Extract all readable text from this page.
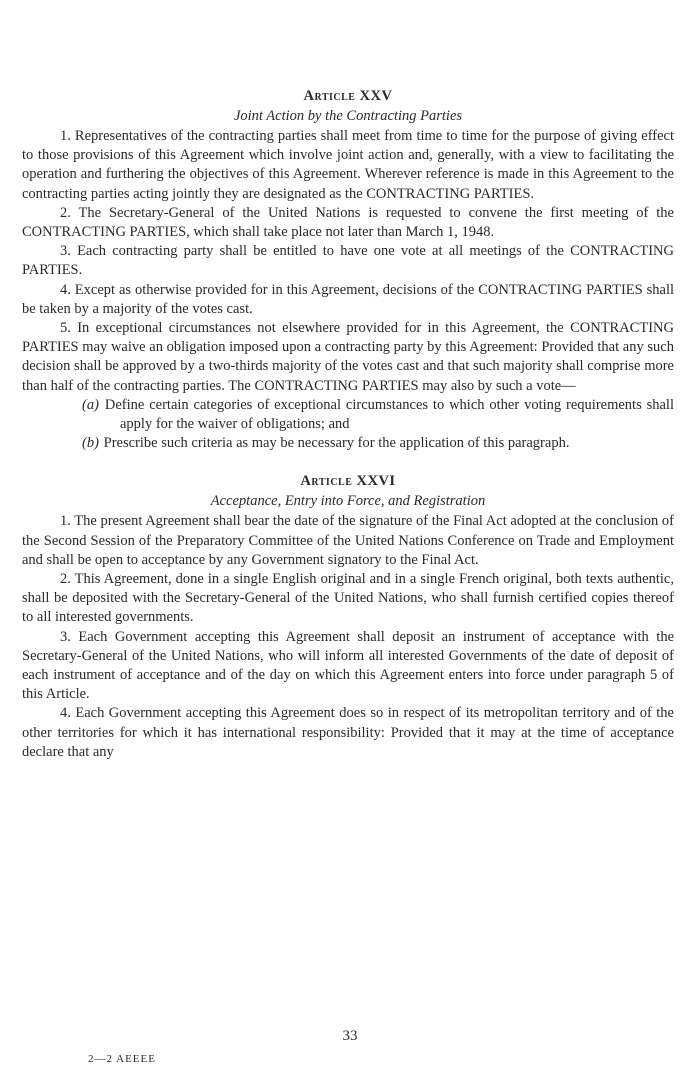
Article XXV
Joint Action by the Contracting Parties

1. Representatives of the contracting parties shall meet from time to time for the purpose of giving effect to those provisions of this Agreement which involve joint action and, generally, with a view to facilitating the operation and furthering the objectives of this Agreement. Wherever reference is made in this Agreement to the contracting parties acting jointly they are designated as the CONTRACTING PARTIES.

2. The Secretary-General of the United Nations is requested to convene the first meeting of the CONTRACTING PARTIES, which shall take place not later than March 1, 1948.

3. Each contracting party shall be entitled to have one vote at all meetings of the CONTRACTING PARTIES.

4. Except as otherwise provided for in this Agreement, decisions of the CONTRACTING PARTIES shall be taken by a majority of the votes cast.

5. In exceptional circumstances not elsewhere provided for in this Agreement, the CONTRACTING PARTIES may waive an obligation imposed upon a contracting party by this Agreement: Provided that any such decision shall be approved by a two-thirds majority of the votes cast and that such majority shall comprise more than half of the contracting parties. The CONTRACTING PARTIES may also by such a vote—

(a) Define certain categories of exceptional circumstances to which other voting requirements shall apply for the waiver of obligations; and

(b) Prescribe such criteria as may be necessary for the application of this paragraph.

Article XXVI
Acceptance, Entry into Force, and Registration

1. The present Agreement shall bear the date of the signature of the Final Act adopted at the conclusion of the Second Session of the Preparatory Committee of the United Nations Conference on Trade and Employment and shall be open to acceptance by any Government signatory to the Final Act.

2. This Agreement, done in a single English original and in a single French original, both texts authentic, shall be deposited with the Secretary-General of the United Nations, who shall furnish certified copies thereof to all interested governments.

3. Each Government accepting this Agreement shall deposit an instrument of acceptance with the Secretary-General of the United Nations, who will inform all interested Governments of the date of deposit of each instrument of acceptance and of the day on which this Agreement enters into force under paragraph 5 of this Article.

4. Each Government accepting this Agreement does so in respect of its metropolitan territory and of the other territories for which it has international responsibility: Provided that it may at the time of acceptance declare that any

33
2—2 AEEEE
